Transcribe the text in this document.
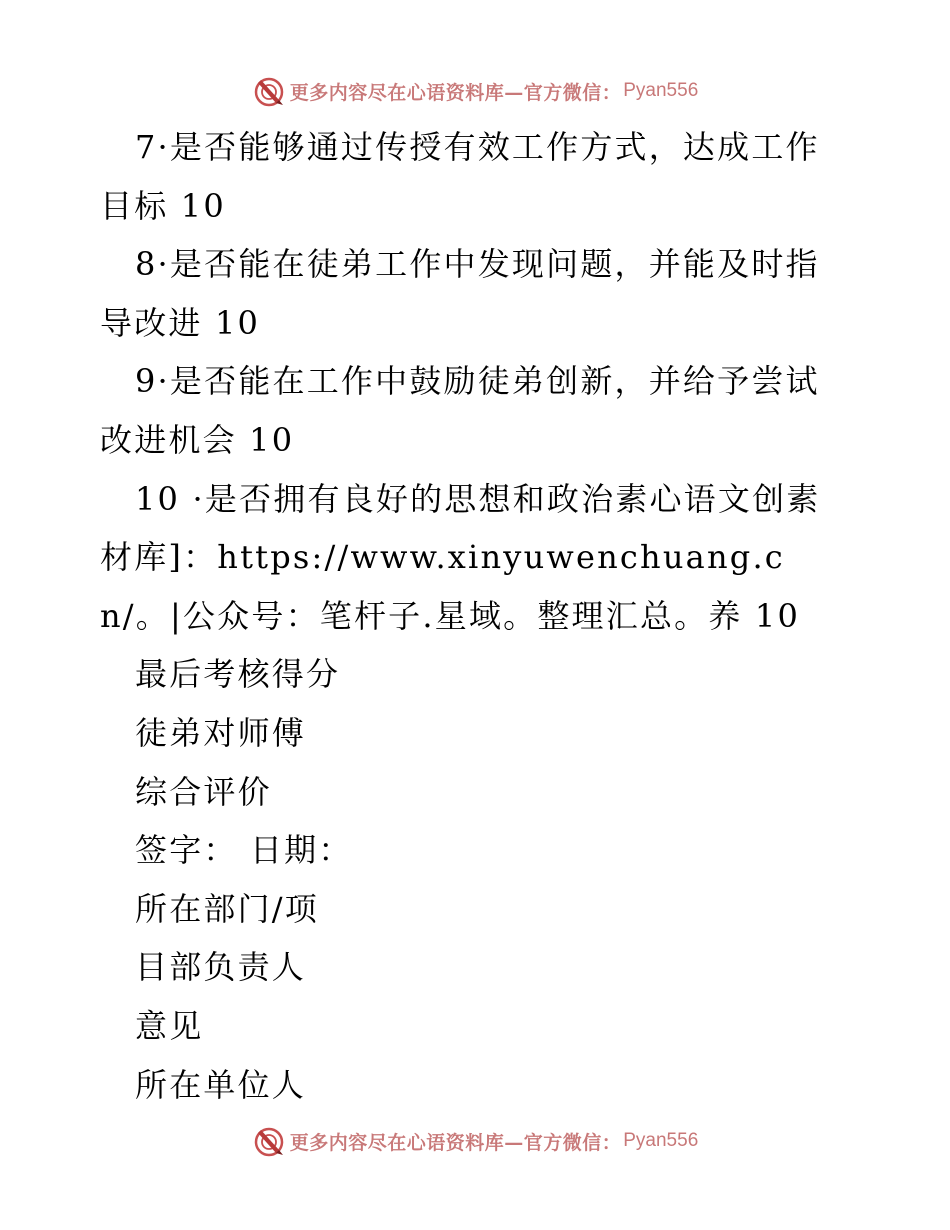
更多内容尽在心语资料库—官方微信： Pyan556

7·是否能够通过传授有效工作方式，达成工作目标 10

8·是否能在徒弟工作中发现问题，并能及时指导改进 10

9·是否能在工作中鼓励徒弟创新，并给予尝试改进机会 10

10 ·是否拥有良好的思想和政治素心语文创素材库]：https://www.xinyuwenchuang.cn/。|公众号：笔杆子.星域。整理汇总。养 10

最后考核得分

徒弟对师傅

综合评价

签字： 日期：

所在部门/项

目部负责人

意见

所在单位人

更多内容尽在心语资料库—官方微信： Pyan556
